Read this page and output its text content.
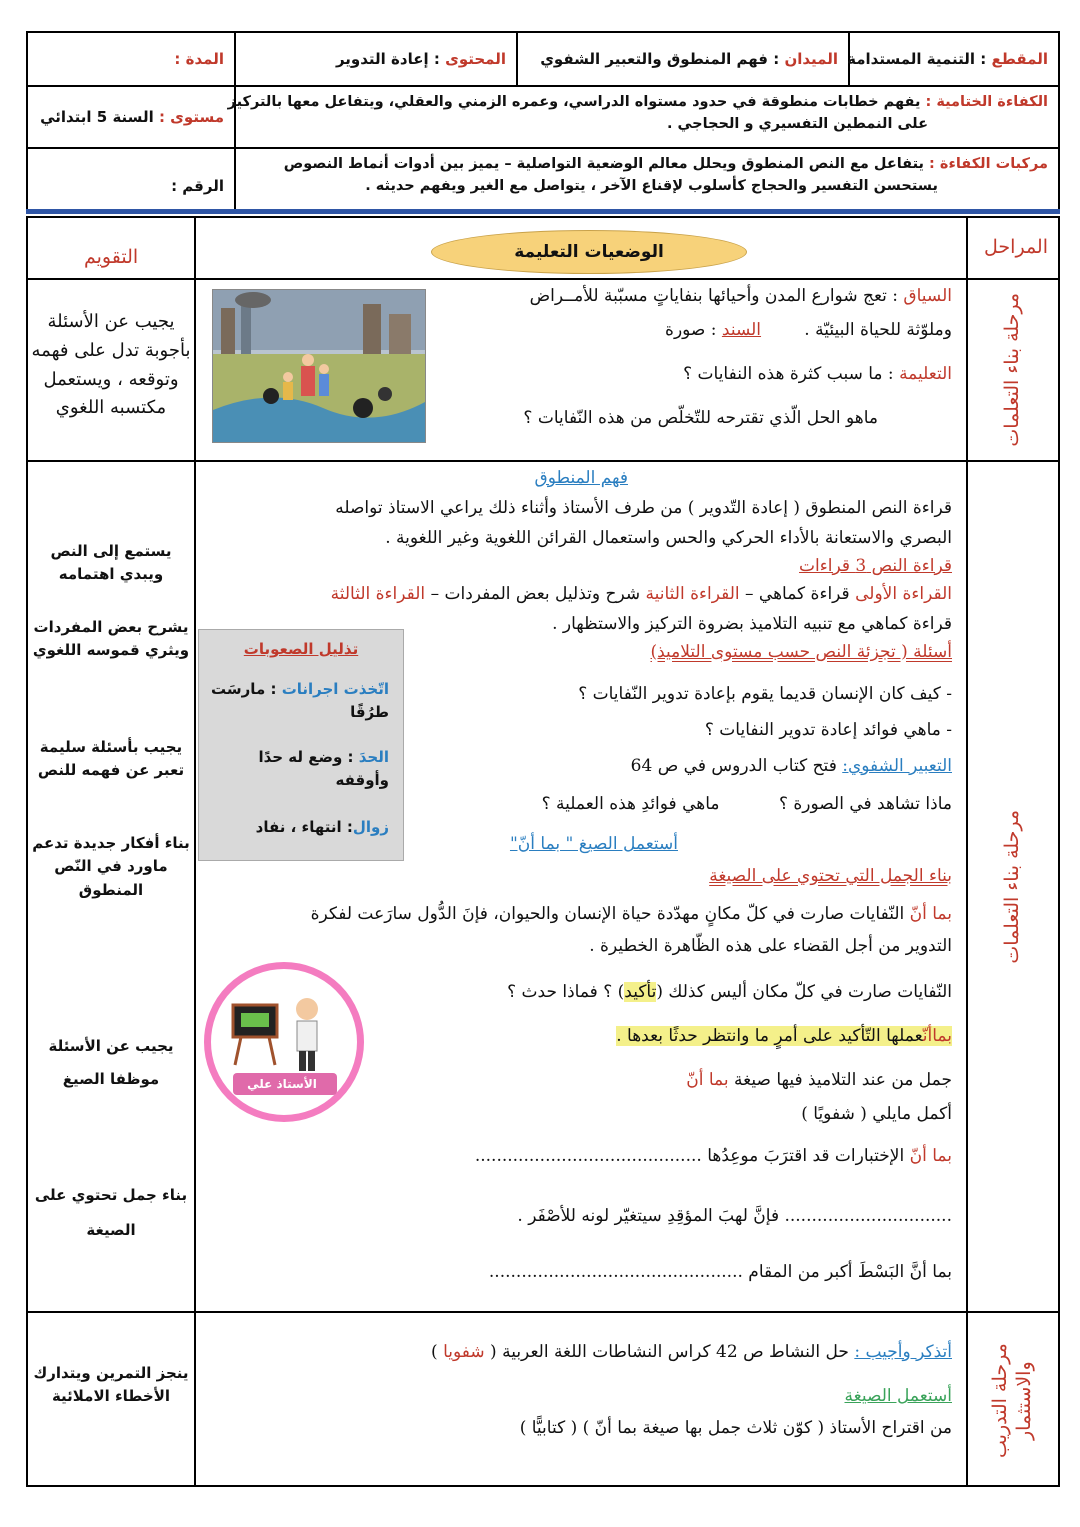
المقطع

: التنمية المستدامة
الميدان

: فهم المنطوق والتعبير الشفوي
المحتوى

: إعادة التدوير
المدة :
الكفاءة الختامية : يفهم خطابات منطوقة في حدود مستواه الدراسي، وعمره الزمني والعقلي، ويتفاعل معها بالتركيز
على النمطين التفسيري و الحجاجي .
مستوى :

السنة 5 ابتدائي
مركبات الكفاءة : يتفاعل مع النص المنطوق ويحلل معالم الوضعية التواصلية – يميز بين أدوات أنماط النصوص
يستحسن التفسير والحجاج كأسلوب لإقناع الآخر ، يتواصل مع الغير ويفهم حديثه .
الرقم :
المراحل
الوضعيات التعليمة
التقويم
مرحلة بناء التعلمات
مرحلة بناء التعلمات
مرحلة التدريب والاستثمار
السياق : تعج شوارع المدن وأحيائها بنفاياتٍ مسبّبة للأمــراض
وملوّثة للحياة البيئيّة .        السند : صورة
التعليمة : ما سبب كثرة هذه النفايات ؟
ماهو الحل الّذي تقترحه للتّخلّص من هذه النّفايات ؟
يجيب عن الأسئلة بأجوبة تدل على فهمه وتوقعه ، ويستعمل مكتسبه اللغوي
فهم المنطوق
قراءة النص المنطوق ( إعادة التّدوير ) من طرف الأستاذ وأثناء ذلك يراعي الاستاذ تواصله
البصري والاستعانة بالأداء الحركي والحس واستعمال القرائن اللغوية وغير اللغوية .
قراءة النص 3 قراءات
القراءة الأولى قراءة كماهي – القراءة الثانية شرح وتذليل بعض المفردات – القراءة الثالثة
قراءة كماهي مع تنبيه التلاميذ بضروة التركيز والاستظهار .
أسئلة ( تجزئة النص حسب مستوى التلاميذ)
- كيف كان الإنسان قديما يقوم بإعادة تدوير النّفايات ؟
- ماهي فوائد إعادة تدوير النفايات ؟
التعبير الشفوي: فتح كتاب الدروس في ص 64
ماذا تشاهد في الصورة ؟           ماهي فوائدِ هذه العملية ؟
أستعمل الصيغ " بما أنّ"
بناء الجمل التي تحتوي على الصيغة
بما أنّ النّفايات صارت في كلّ مكانٍ مهدّدة حياة الإنسان والحيوان، فإنَ الدُّول سارَعت لفكرة
التدوير من أجل القضاء على هذه الظّاهرة الخطيرة .
النّفايات صارت في كلّ مكان أليس كذلك (تأكيد) ؟ فماذا حدث ؟
بماأنّعملها التّأكيد على أمرٍ ما وانتظر حدثًا بعدها .
جمل من عند التلاميذ فيها صيغة بما أنّ
أكمل مايلي ( شفويًا )
بما أنّ الإختبارات قد اقترَبَ موعِدُها ..........................................
............................... فإنَّ لهبَ المؤقِدِ سيتغيّر لونه للأصْفَر .
بما أنَّ البَسْطَ أكبر من المقام ...............................................
تذليل الصعوبات
اتّخذت اجرانات : مارسَت طرُقًا
الحدَ : وضع له حدًا وأوقفه
زوال: انتهاء ، نفاد
الأستاذ علي
يستمع إلى النص ويبدي اهتمامه
يشرح بعض المفردات ويثري قموسه اللغوي
يجيب بأسئلة سليمة تعبر عن فهمه للنص
بناء أفكار جديدة تدعم ماورد في النّص المنطوق
يجيب عن الأسئلة موظفا الصيغ
بناء جمل تحتوي على الصيغة
أتذكر وأجيب : حل النشاط ص 42 كراس النشاطات اللغة العربية ( شفويا )
أستعمل الصيغة
من اقتراح الأستاذ ( كوّن ثلاث جمل بها صيغة بما أنّ ) ( كتابيًّا )
ينجز التمرين ويتدارك الأخطاء الاملائية
